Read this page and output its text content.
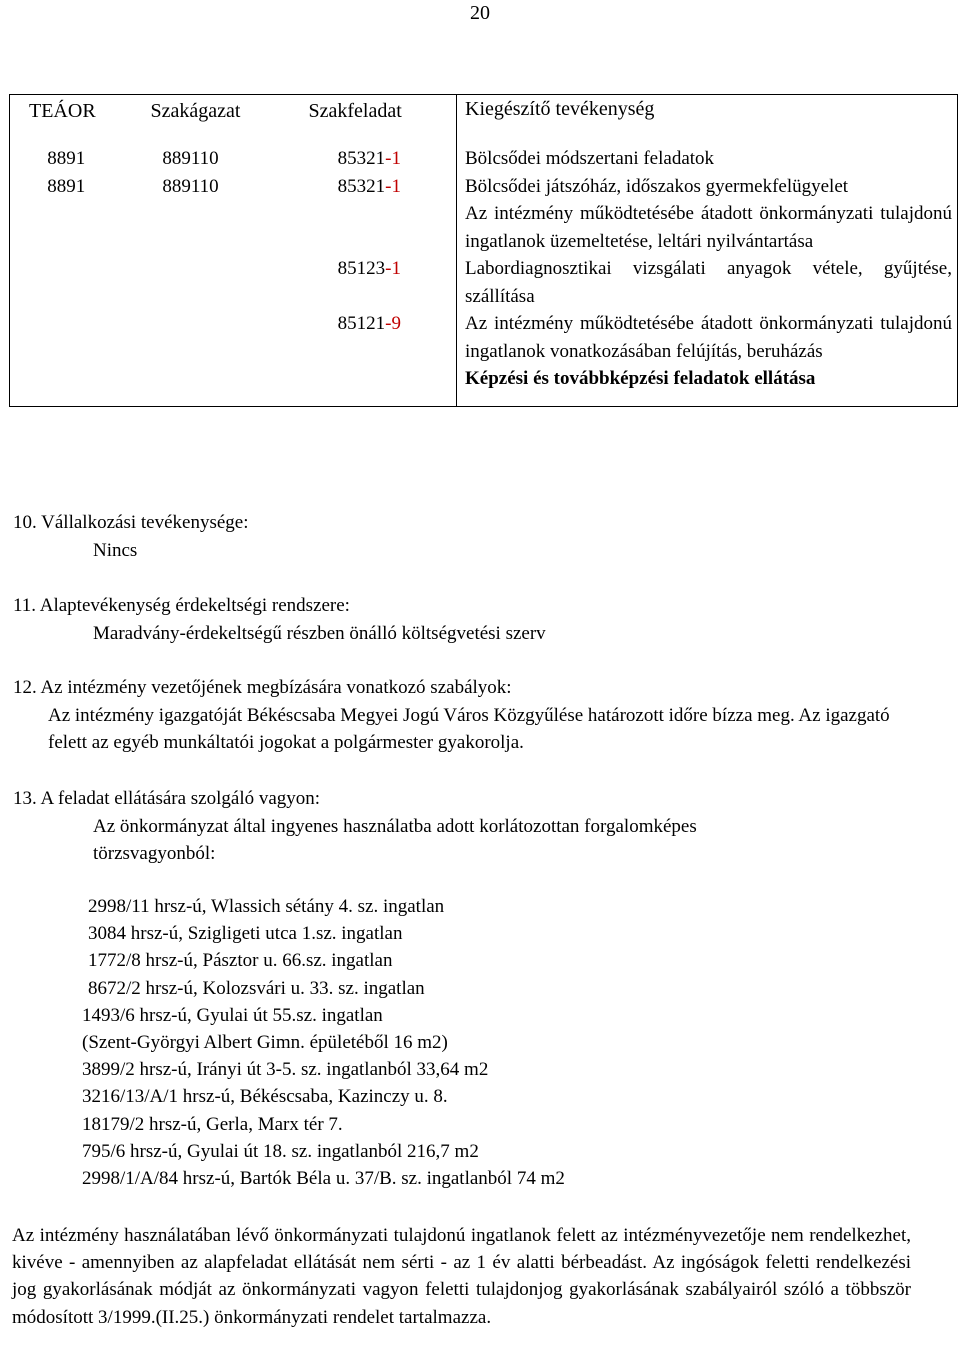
20
TEÁOR	Szakágazat	Szakfeladat	Kiegészítő tevékenység
8891	889110	85321-1	Bölcsődei módszertani feladatok
8891	889110	85321-1	Bölcsődei játszóház, időszakos gyermekfelügyelet
			Az intézmény működtetésébe átadott önkormányzati tulajdonú ingatlanok üzemeltetése, leltári nyilvántartása
		85123-1	Labordiagnosztikai vizsgálati anyagok vétele, gyűjtése, szállítása
		85121-9	Az intézmény működtetésébe átadott önkormányzati tulajdonú ingatlanok vonatkozásában felújítás, beruházás
			Képzési és továbbképzési feladatok ellátása
10. Vállalkozási tevékenysége:
Nincs
11. Alaptevékenység érdekeltségi rendszere:
Maradvány-érdekeltségű részben önálló költségvetési szerv
12. Az intézmény vezetőjének megbízására vonatkozó szabályok:
Az intézmény igazgatóját Békéscsaba Megyei Jogú Város Közgyűlése határozott időre bízza meg. Az igazgató felett az egyéb munkáltatói jogokat a polgármester gyakorolja.
13. A feladat ellátására szolgáló vagyon:
Az önkormányzat által ingyenes használatba adott korlátozottan forgalomképes
törzsvagyonból:
2998/11 hrsz-ú, Wlassich sétány 4. sz. ingatlan
3084 hrsz-ú, Szigligeti utca 1.sz. ingatlan
1772/8 hrsz-ú, Pásztor u. 66.sz. ingatlan
8672/2 hrsz-ú, Kolozsvári u. 33. sz. ingatlan
1493/6 hrsz-ú, Gyulai út 55.sz. ingatlan
(Szent-Györgyi Albert Gimn. épületéből 16 m2)
3899/2 hrsz-ú, Irányi út 3-5. sz. ingatlanból 33,64 m2
3216/13/A/1 hrsz-ú, Békéscsaba, Kazinczy u. 8.
18179/2 hrsz-ú, Gerla, Marx tér 7.
795/6 hrsz-ú, Gyulai út 18. sz. ingatlanból 216,7 m2
2998/1/A/84 hrsz-ú, Bartók Béla u. 37/B. sz. ingatlanból 74 m2
Az intézmény használatában lévő önkormányzati tulajdonú ingatlanok felett az intézményvezetője nem rendelkezhet, kivéve - amennyiben az alapfeladat ellátását nem sérti - az 1 év alatti bérbeadást. Az ingóságok feletti rendelkezési jog gyakorlásának módját az önkormányzati vagyon feletti tulajdonjog gyakorlásának szabályairól szóló a többször módosított 3/1999.(II.25.) önkormányzati rendelet tartalmazza.
